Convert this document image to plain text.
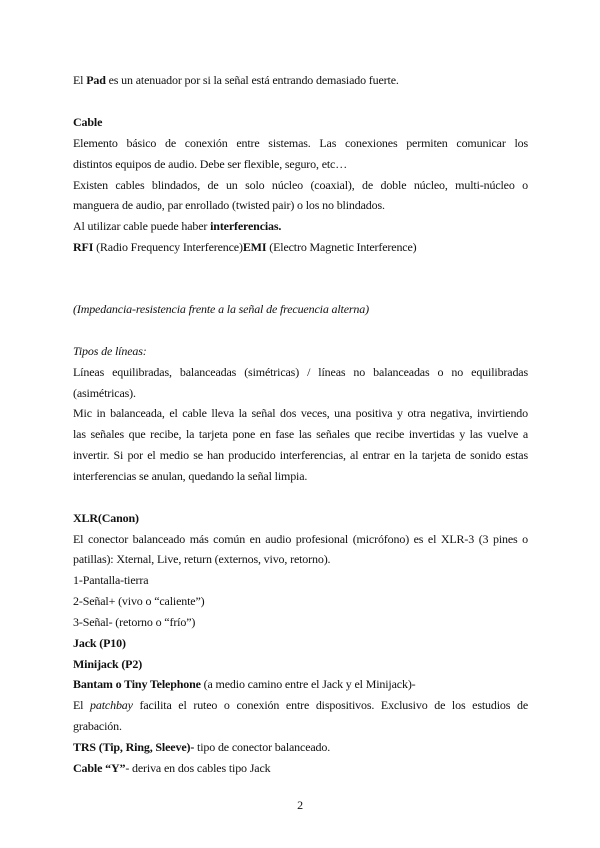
El Pad es un atenuador por si la señal está entrando demasiado fuerte.
Cable
Elemento básico de conexión entre sistemas. Las conexiones permiten comunicar los
distintos equipos de audio. Debe ser flexible, seguro, etc…
Existen cables blindados, de un solo núcleo (coaxial), de doble núcleo, multi-núcleo o
manguera de audio, par enrollado (twisted pair) o los no blindados.
Al utilizar cable puede haber interferencias.
RFI (Radio Frequency Interference)EMI (Electro Magnetic Interference)
(Impedancia-resistencia frente a la señal de frecuencia alterna)
Tipos de líneas:
Líneas equilibradas, balanceadas (simétricas) / líneas no balanceadas o no equilibradas
(asimétricas).
Mic in balanceada, el cable lleva la señal dos veces, una positiva y otra negativa, invirtiendo
las señales que recibe, la tarjeta pone en fase las señales que recibe invertidas y las vuelve a
invertir. Si por el medio se han producido interferencias, al entrar en la tarjeta de sonido estas
interferencias se anulan, quedando la señal limpia.
XLR(Canon)
El conector balanceado más común en audio profesional (micrófono) es el XLR-3 (3 pines o
patillas): Xternal, Live, return (externos, vivo, retorno).
1-Pantalla-tierra
2-Señal+ (vivo o “caliente”)
3-Señal- (retorno o “frío”)
Jack (P10)
Minijack (P2)
Bantam o Tiny Telephone (a medio camino entre el Jack y el Minijack)-
El patchbay facilita el ruteo o conexión entre dispositivos. Exclusivo de los estudios de
grabación.
TRS (Tip, Ring, Sleeve)- tipo de conector balanceado.
Cable “Y”- deriva en dos cables tipo Jack
2
